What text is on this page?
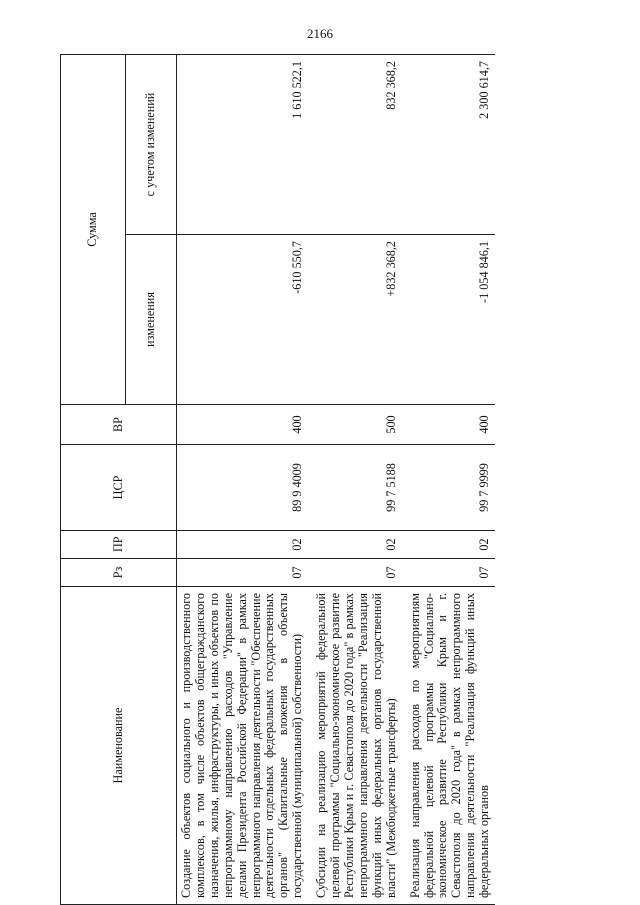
2166
Наименование	Рз	ПР	ЦСР	ВР	Сумма	
					изменения	с учетом изменений
Создание объектов социального и производственного комплексов, в том числе объектов общегражданского назначения, жилья, инфраструктуры, и иных объектов по непрограммному направлению расходов "Управление делами Президента Российской Федерации" в рамках непрограммного направления деятельности "Обеспечение деятельности отдельных федеральных государственных органов" (Капитальные вложения в объекты государственной (муниципальной) собственности)	07	02	89 9 4009	400	-610 550,7	1 610 522,1

Субсидии на реализацию мероприятий федеральной целевой программы "Социально-экономическое развитие Республики Крым и г. Севастополя до 2020 года" в рамках непрограммного направления деятельности "Реализация функций иных федеральных органов государственной власти" (Межбюджетные трансферты)	07	02	99 7 5188	500	+832 368,2	832 368,2

Реализация направления расходов по мероприятиям федеральной целевой программы "Социально-экономическое развитие Республики Крым и г. Севастополя до 2020 года" в рамках непрограммного направления деятельности "Реализация функций иных федеральных органов	07	02	99 7 9999	400	-1 054 846,1	2 300 614,7
